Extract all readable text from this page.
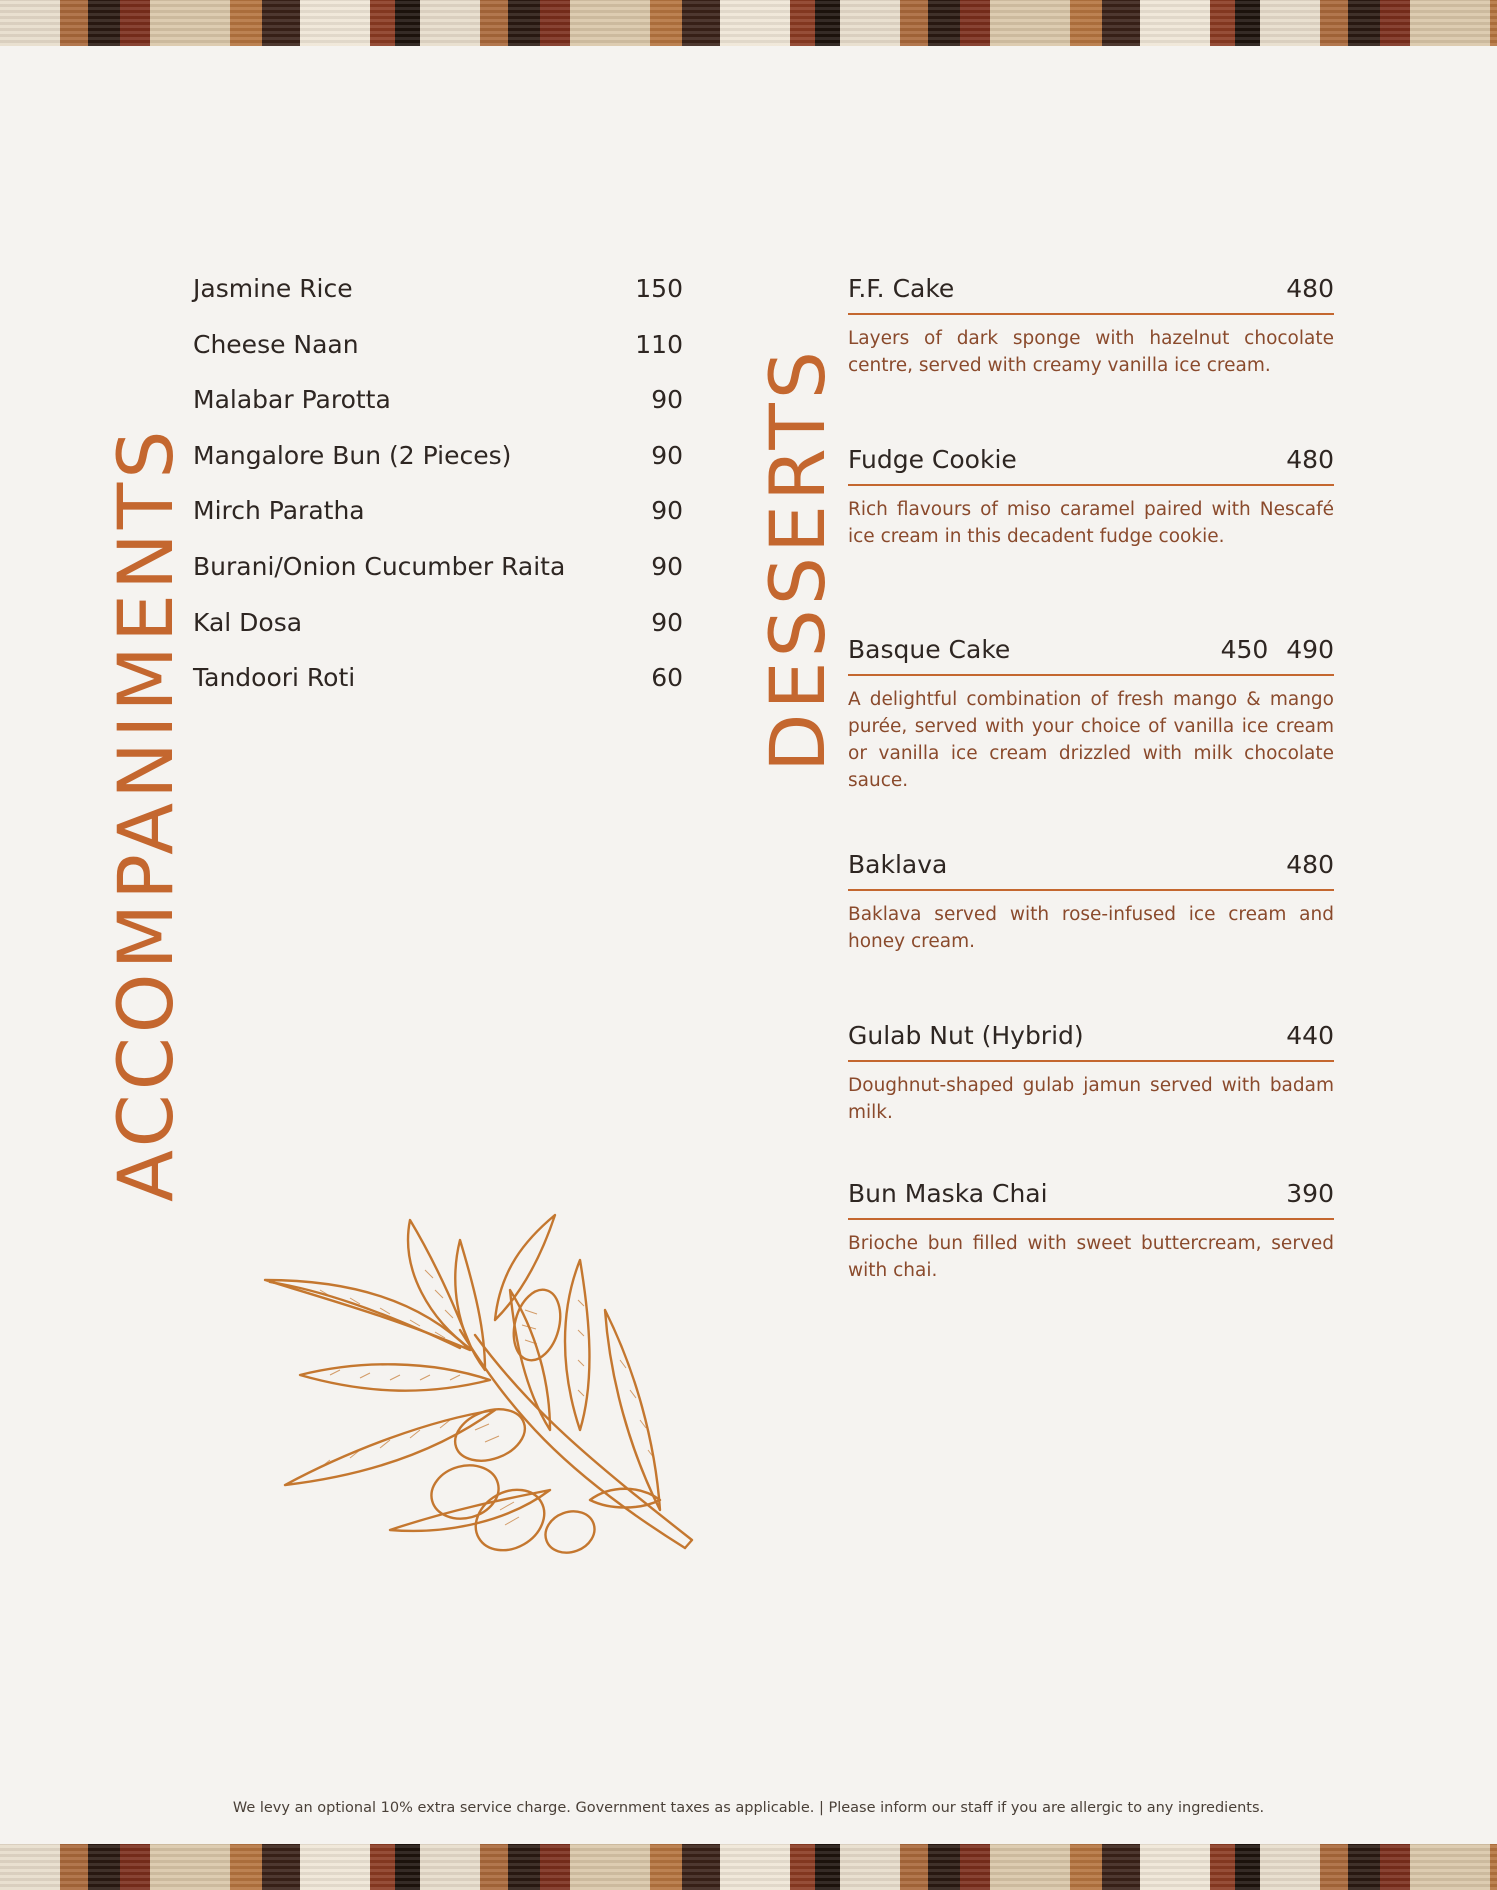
ACCOMPANIMENTS
Jasmine Rice	150
Cheese Naan	110
Malabar Parotta	90
Mangalore Bun (2 Pieces)	90
Mirch Paratha	90
Burani/Onion Cucumber Raita	90
Kal Dosa	90
Tandoori Roti	60 DESSERTS
F.F. Cake	480
Layers of dark sponge with hazelnut chocolate centre, served with creamy vanilla ice cream.
Fudge Cookie	480
Rich flavours of miso caramel paired with Nescafé ice cream in this decadent fudge cookie.
Basque Cake	450 490
A delightful combination of fresh mango & mango purée, served with your choice of vanilla ice cream or vanilla ice cream drizzled with milk chocolate sauce.
Baklava	480
Baklava served with rose-infused ice cream and honey cream.
Gulab Nut (Hybrid)	440
Doughnut-shaped gulab jamun served with badam milk.
Bun Maska Chai	390
Brioche bun filled with sweet buttercream, served with chai.
We levy an optional 10% extra service charge. Government taxes as applicable. | Please inform our staff if you are allergic to any ingredients.
